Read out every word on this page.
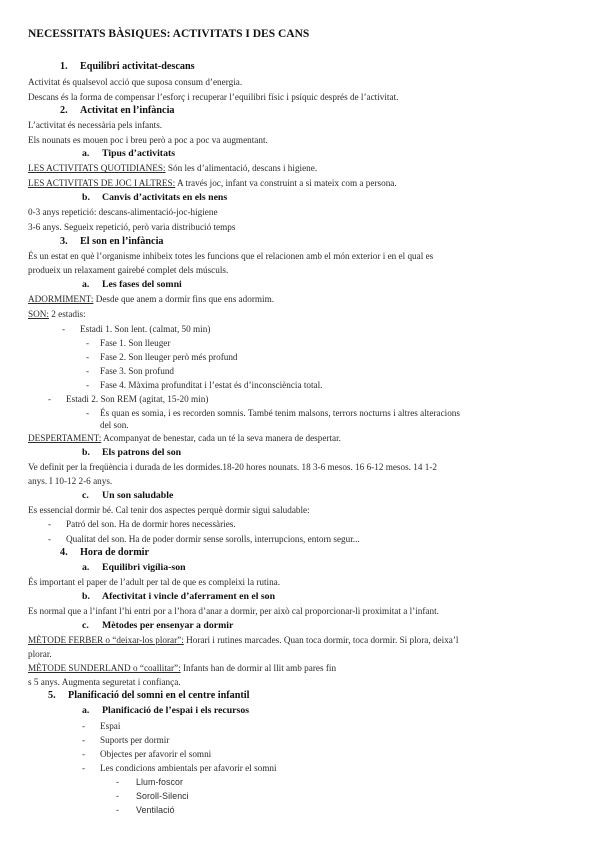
NECESSITATS BÀSIQUES: ACTIVITATS I DES CANS
1. Equilibri activitat-descans
Activitat és qualsevol acció que suposa consum d’energia.
Descans és la forma de compensar l’esforç i recuperar l’equilibri físic i psíquic després de l’activitat.
2. Activitat en l’infància
L’activitat és necessària pels infants.
Els nounats es mouen poc i breu però a poc a poc va augmentant.
a. Tipus d’activitats
LES ACTIVITATS QUOTIDIANES: Són les d’alimentació, descans i higiene.
LES ACTIVITATS DE JOC I ALTRES: A través joc, infant va construint a si mateix com a persona.
b. Canvis d’activitats en els nens
0-3 anys repetició: descans-alimentació-joc-higiene
3-6 anys. Segueix repetició, però varia distribució temps
3. El son en l’infància
És un estat en què l’organisme inhibeix totes les funcions que el relacionen amb el món exterior i en el qual es
produeix un relaxament gairebé complet dels músculs.
a. Les fases del somni
ADORMIMENT: Desde que anem a dormir fins que ens adormim.
SON: 2 estadis:
- Estadi 1. Son lent. (calmat, 50 min)
- Fase 1. Son lleuger
- Fase 2. Son lleuger però més profund
- Fase 3. Son profund
- Fase 4. Màxima profunditat i l’estat és d’inconsciència total.
- Estadi 2. Son REM (agitat, 15-20 min)
- És quan es somia, i es recorden somnis. També tenim malsons, terrors nocturns i altres alteracions
del son.
DESPERTAMENT: Acompanyat de benestar, cada un té la seva manera de despertar.
b. Els patrons del son
Ve definit per la freqüència i durada de les dormides.18-20 hores nounats. 18 3-6 mesos. 16 6-12 mesos. 14 1-2
anys. I 10-12 2-6 anys.
c. Un son saludable
Es essencial dormir bé. Cal tenir dos aspectes perquè dormir sigui saludable:
- Patró del son. Ha de dormir hores necessàries.
- Qualitat del son. Ha de poder dormir sense sorolls, interrupcions, entorn segur...
4. Hora de dormir
a. Equilibri vigília-son
És important el paper de l’adult per tal de que es compleixi la rutina.
b. Afectivitat i vincle d’aferrament en el son
Es normal que a l’infant l’hi entri por a l’hora d’anar a dormir, per això cal proporcionar-li proximitat a l’infant.
c. Mètodes per ensenyar a dormir
MÈTODE FERBER o “deixar-los plorar”: Horari i rutines marcades. Quan toca dormir, toca dormir. Si plora, deixa’l
plorar.
MÈTODE SUNDERLAND o “coallitar”: Infants han de dormir al llit amb pares fin
s 5 anys. Augmenta seguretat i confiança.
5. Planificació del somni en el centre infantil
a. Planificació de l’espai i els recursos
- Espai
- Suports per dormir
- Objectes per afavorir el somni
- Les condicions ambientals per afavorir el somni
- Llum-foscor
- Soroll-Silenci
- Ventilació
